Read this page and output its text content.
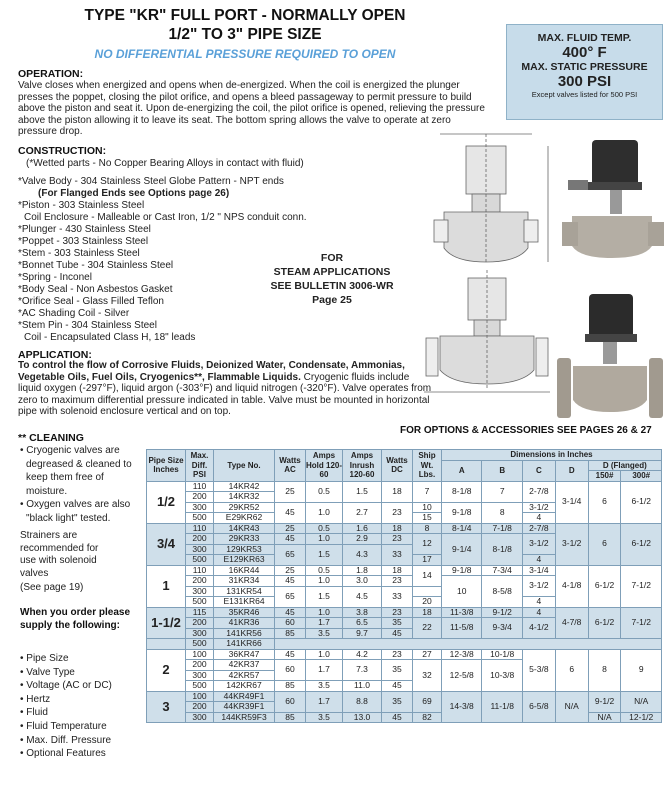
TYPE "KR" FULL PORT - NORMALLY OPEN
1/2" TO 3" PIPE SIZE
NO DIFFERENTIAL PRESSURE REQUIRED TO OPEN
MAX. FLUID TEMP.
400° F
MAX. STATIC PRESSURE
300 PSI
Except valves listed for 500 PSI
OPERATION:
Valve closes when energized and opens when de-energized. When the coil is energized the plunger presses the poppet, closing the pilot orifice, and opens a bleed passageway to permit pressure to build above the piston and seat it. Upon de-energizing the coil, the pilot orifice is opened, relieving the pressure above the piston allowing it to leave its seat. The bottom spring allows the valve to operate at zero pressure drop.
CONSTRUCTION:
(*Wetted parts - No Copper Bearing Alloys in contact with fluid)
*Valve Body - 304 Stainless Steel Globe Pattern - NPT ends
(For Flanged Ends see Options page 26)
*Piston - 303 Stainless Steel
Coil Enclosure - Malleable or Cast Iron, 1/2 " NPS conduit conn.
*Plunger - 430 Stainless Steel
*Poppet - 303 Stainless Steel
*Stem - 303 Stainless Steel
*Bonnet Tube - 304 Stainless Steel
*Spring - Inconel
*Body Seal - Non Asbestos Gasket
*Orifice Seal - Glass Filled Teflon
*AC Shading Coil - Silver
*Stem Pin - 304 Stainless Steel
Coil - Encapsulated Class H, 18" leads
FOR
STEAM APPLICATIONS
SEE BULLETIN 3006-WR
Page 25
APPLICATION:
To control the flow of Corrosive Fluids, Deionized Water, Condensate, Ammonias, Vegetable Oils, Fuel Oils, Cryogenics**, Flammable Liquids. Cryogenic fluids include liquid oxygen (-297°F), liquid argon (-303°F) and liquid nitrogen (-320°F). Valve operates from zero to maximum differential pressure indicated in table. Valve must be mounted in horizontal pipe with solenoid enclosure vertical and on top.
FOR OPTIONS & ACCESSORIES SEE PAGES 26 & 27
** CLEANING
• Cryogenic valves are degreased & cleaned to keep them free of moisture.
• Oxygen valves are also "black light" tested.
Strainers are recommended for use with solenoid valves
(See page 19)
When you order please supply the following:
• Pipe Size
• Valve Type
• Voltage (AC or DC)
• Hertz
• Fluid
• Fluid Temperature
• Max. Diff. Pressure
• Optional Features
Pipe Size Inches	Max. Diff. PSI	Type No.	Watts AC	Amps Hold 120-60	Amps Inrush 120-60	Watts DC	Ship Wt. Lbs.	Dimensions in Inches					
								A	B	C	D	D (Flanged)	
												150#	300#
1/2	110	14KR42	25	0.5	1.5	18	7	8-1/8	7	2-7/8	3-1/4	6	6-1/2
	200	14KR32											
	300	29KR52	45	1.0	2.7	23	10	9-1/8	8	3-1/2			
	500	E29KR62					15			4			
3/4	110	14KR43	25	0.5	1.6	18	8	8-1/4	7-1/8	2-7/8	3-1/2	6	6-1/2
	200	29KR33	45	1.0	2.9	23	12	9-1/4	8-1/8	3-1/2			
	300	129KR53	65	1.5	4.3	33							
	500	E129KR63					17			4			
1	110	16KR44	25	0.5	1.8	18	14	9-1/8	7-3/4	3-1/4	4-1/8	6-1/2	7-1/2
	200	31KR34	45	1.0	3.0	23		10	8-5/8	3-1/2			
	300	131KR54	65	1.5	4.5	33							
	500	E131KR64					20			4			
1-1/2	115	35KR46	45	1.0	3.8	23	18	11-3/8	9-1/2	4	4-7/8	6-1/2	7-1/2
	200	41KR36	60	1.7	6.5	35	22	11-5/8	9-3/4	4-1/2			
	300	141KR56	85	3.5	9.7	45							
	500	141KR66											
2	100	36KR47	45	1.0	4.2	23	27	12-3/8	10-1/8	5-3/8	6	8	9
	200	42KR37	60	1.7	7.3	35	32	12-5/8	10-3/8				
	300	42KR57											
	500	142KR67	85	3.5	11.0	45							
3	100	44KR49F1	60	1.7	8.8	35	69	14-3/8	11-1/8	6-5/8	N/A	9-1/2	N/A
	200	44KR39F1											
	300	144KR59F3	85	3.5	13.0	45	82					N/A	12-1/2
